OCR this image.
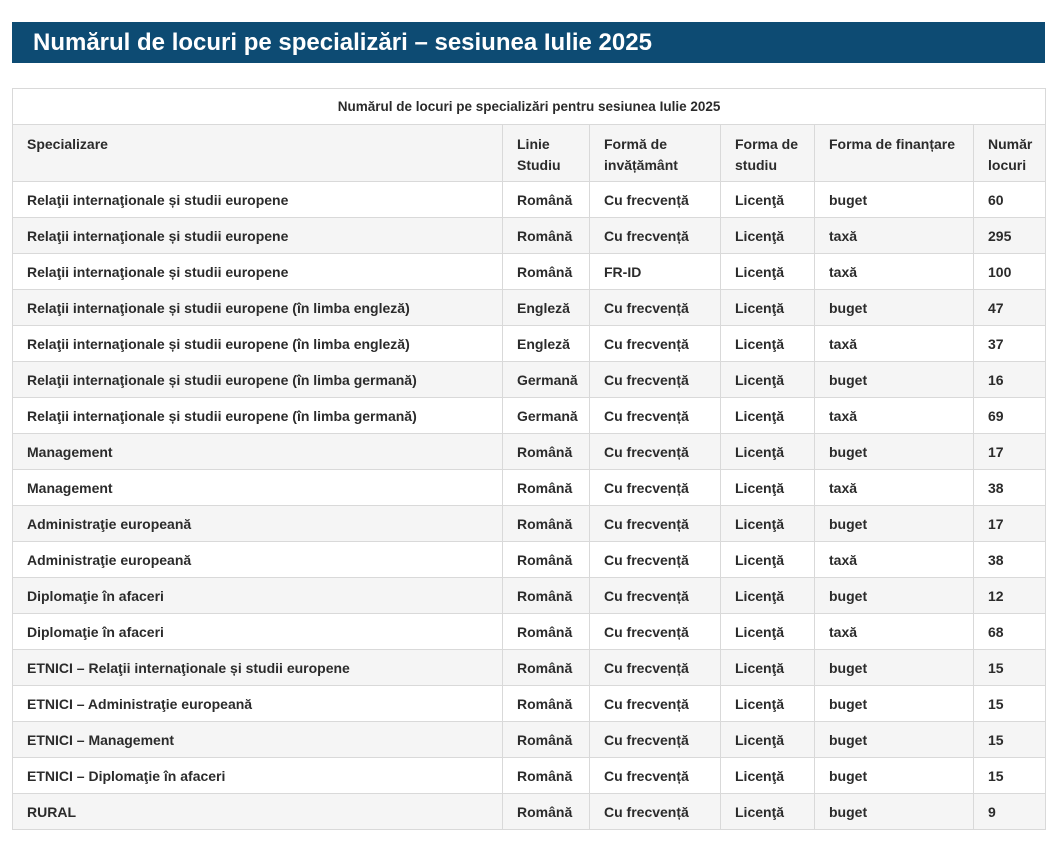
Numărul de locuri pe specializări – sesiunea Iulie 2025
Numărul de locuri pe specializări pentru sesiunea Iulie 2025					
Specializare	Linie Studiu	Formă de invățământ	Forma de studiu	Forma de finanțare	Număr locuri
Relaţii internaţionale și studii europene	Română	Cu frecvență	Licenţă	buget	60
Relaţii internaţionale și studii europene	Română	Cu frecvență	Licenţă	taxă	295
Relaţii internaţionale și studii europene	Română	FR-ID	Licenţă	taxă	100
Relaţii internaţionale și studii europene (în limba engleză)	Engleză	Cu frecvență	Licenţă	buget	47
Relaţii internaţionale și studii europene (în limba engleză)	Engleză	Cu frecvență	Licenţă	taxă	37
Relaţii internaţionale și studii europene (în limba germană)	Germană	Cu frecvență	Licenţă	buget	16
Relaţii internaţionale și studii europene (în limba germană)	Germană	Cu frecvență	Licenţă	taxă	69
Management	Română	Cu frecvență	Licenţă	buget	17
Management	Română	Cu frecvență	Licenţă	taxă	38
Administraţie europeană	Română	Cu frecvență	Licenţă	buget	17
Administraţie europeană	Română	Cu frecvență	Licenţă	taxă	38
Diplomaţie în afaceri	Română	Cu frecvență	Licenţă	buget	12
Diplomaţie în afaceri	Română	Cu frecvență	Licenţă	taxă	68
ETNICI – Relaţii internaţionale și studii europene	Română	Cu frecvență	Licenţă	buget	15
ETNICI – Administraţie europeană	Română	Cu frecvență	Licenţă	buget	15
ETNICI – Management	Română	Cu frecvență	Licenţă	buget	15
ETNICI – Diplomaţie în afaceri	Română	Cu frecvență	Licenţă	buget	15
RURAL	Română	Cu frecvență	Licenţă	buget	9
